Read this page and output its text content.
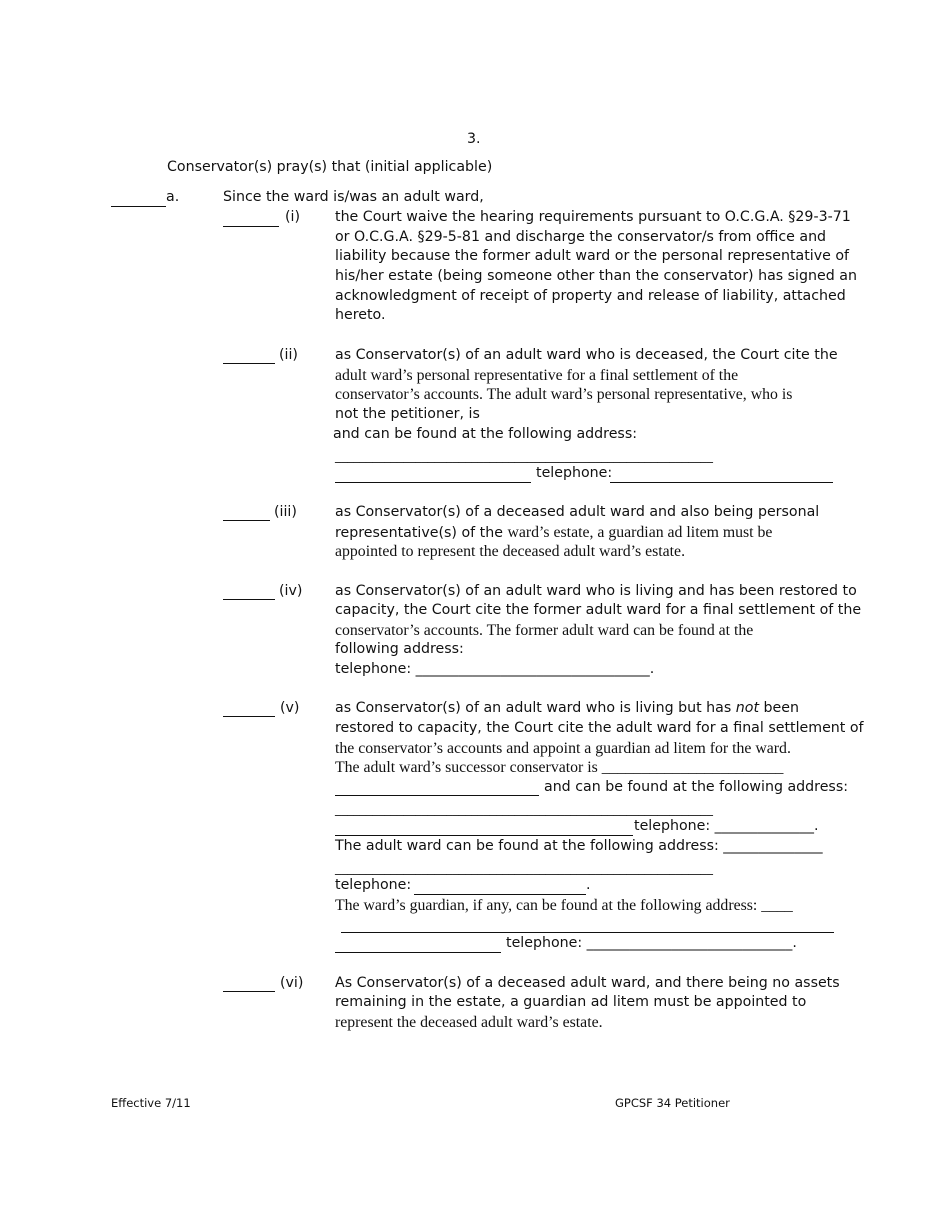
3.
Conservator(s) pray(s) that (initial applicable)
a.	Since the ward is/was an adult ward,
(i) the Court waive the hearing requirements pursuant to O.C.G.A. §29-3-71
or O.C.G.A. §29-5-81 and discharge the conservator/s from office and
liability because the former adult ward or the personal representative of
his/her estate (being someone other than the conservator) has signed an
acknowledgment of receipt of property and release of liability, attached
hereto.
(ii)	as Conservator(s) of an adult ward who is deceased, the Court cite the
adult ward’s personal representative for a final settlement of the
conservator’s accounts. The adult ward’s personal representative, who is
not the petitioner, is
and can be found at the following address:
_____________________________________________________________
telephone:
(iii)	as Conservator(s) of a deceased adult ward and also being personal
representative(s) of the ward’s estate, a guardian ad litem must be
appointed to represent the deceased adult ward’s estate.
(iv) as Conservator(s) of an adult ward who is living and has been restored to
capacity, the Court cite the former adult ward for a final settlement of the
conservator’s accounts. The former adult ward can be found at the
following address:
telephone: _________________________________.
(v)	as Conservator(s) of an adult ward who is living but has not been
restored to capacity, the Court cite the adult ward for a final settlement of
the conservator’s accounts and appoint a guardian ad litem for the ward.
The adult ward’s successor conservator is _______________________
and can be found at the following address:
_____________________________________________________________
telephone: ______________.
The adult ward can be found at the following address: ______________
_____________________________________________________________
telephone:	.
The ward’s guardian, if any, can be found at the following address: ____
telephone: _____________________________.
(vi) As Conservator(s) of a deceased adult ward, and there being no assets
remaining in the estate, a guardian ad litem must be appointed to
represent the deceased adult ward’s estate.
Effective 7/11	GPCSF 34 Petitioner
